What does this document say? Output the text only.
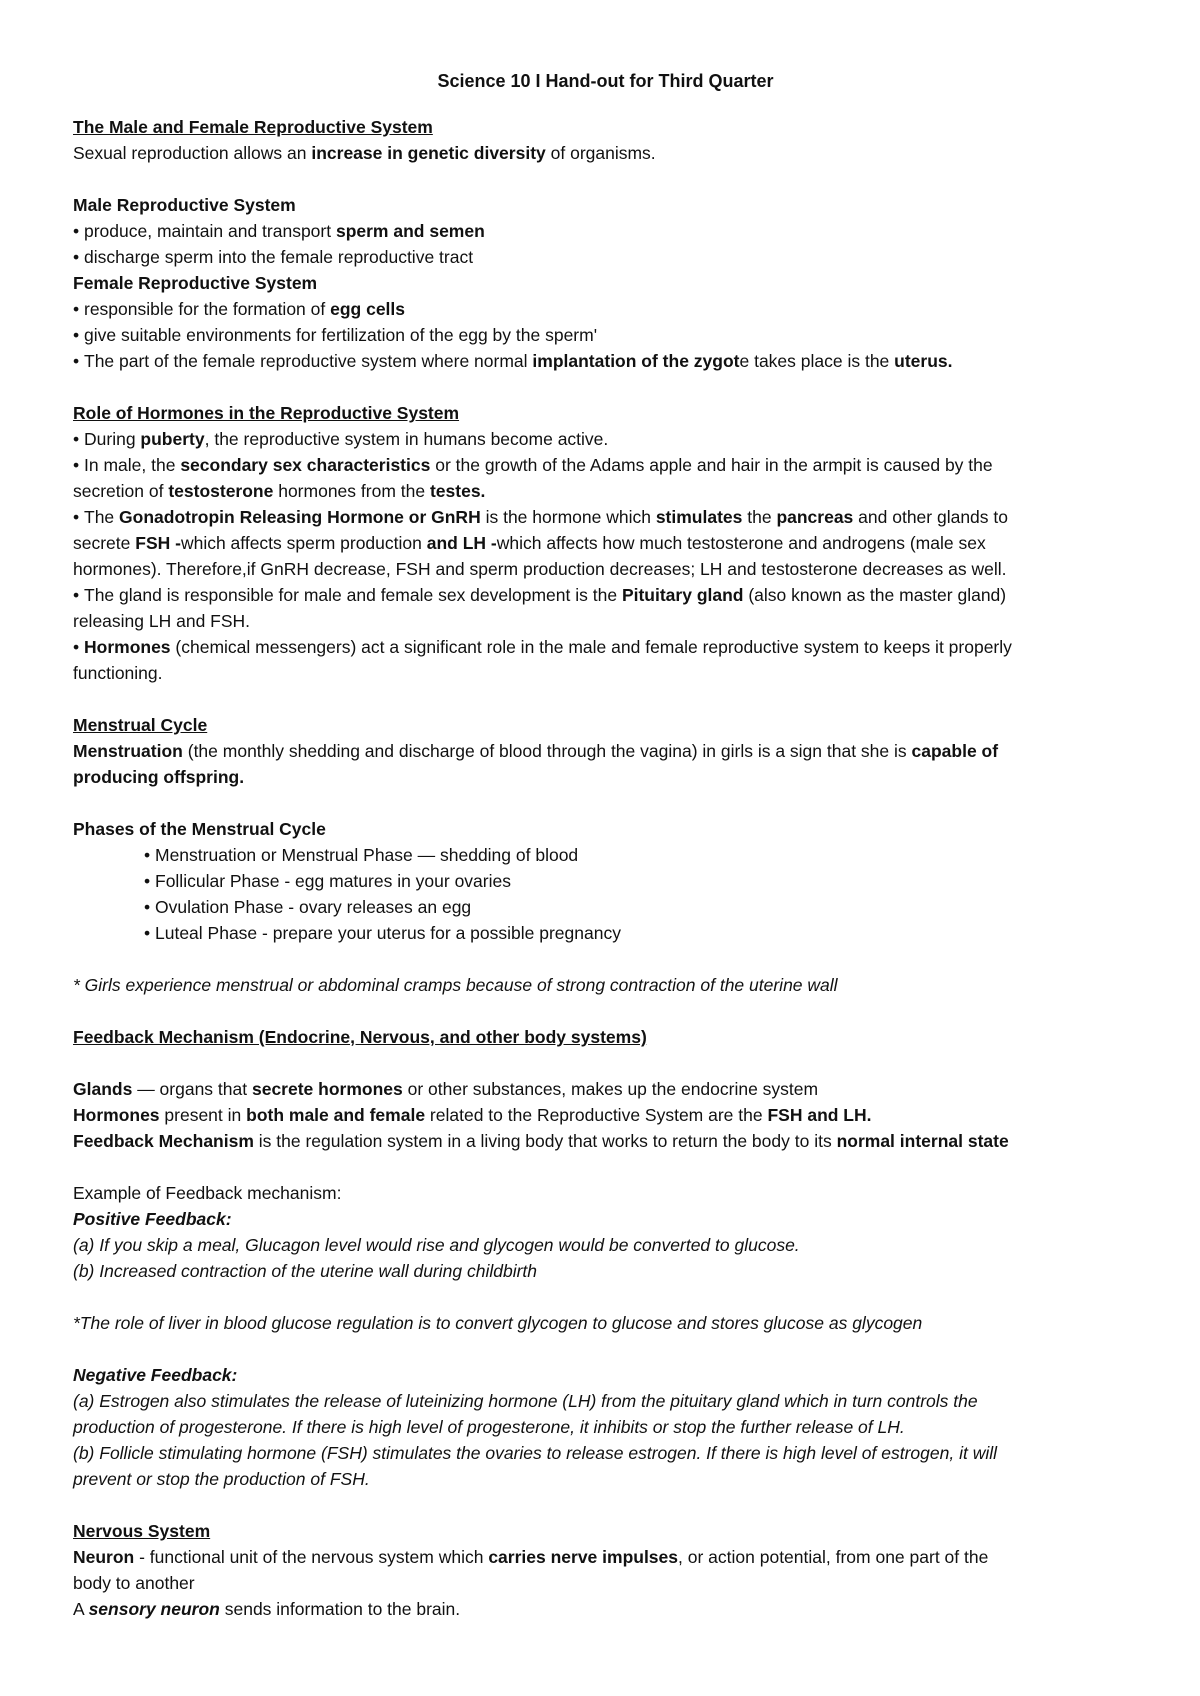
Science 10 I Hand-out for Third Quarter
The Male and Female Reproductive System
Sexual reproduction allows an increase in genetic diversity of organisms.
Male Reproductive System
• produce, maintain and transport sperm and semen
• discharge sperm into the female reproductive tract
Female Reproductive System
• responsible for the formation of egg cells
• give suitable environments for fertilization of the egg by the sperm'
• The part of the female reproductive system where normal implantation of the zygote takes place is the uterus.
Role of Hormones in the Reproductive System
• During puberty, the reproductive system in humans become active.
• In male, the secondary sex characteristics or the growth of the Adams apple and hair in the armpit is caused by the
secretion of testosterone hormones from the testes.
• The Gonadotropin Releasing Hormone or GnRH is the hormone which stimulates the pancreas and other glands to
secrete FSH -which affects sperm production and LH -which affects how much testosterone and androgens (male sex
hormones). Therefore,if GnRH decrease, FSH and sperm production decreases; LH and testosterone decreases as well.
• The gland is responsible for male and female sex development is the Pituitary gland (also known as the master gland)
releasing LH and FSH.
• Hormones (chemical messengers) act a significant role in the male and female reproductive system to keeps it properly
functioning.
Menstrual Cycle
Menstruation (the monthly shedding and discharge of blood through the vagina) in girls is a sign that she is capable of
producing offspring.
Phases of the Menstrual Cycle
• Menstruation or Menstrual Phase — shedding of blood
• Follicular Phase - egg matures in your ovaries
• Ovulation Phase - ovary releases an egg
• Luteal Phase - prepare your uterus for a possible pregnancy
* Girls experience menstrual or abdominal cramps because of strong contraction of the uterine wall
Feedback Mechanism (Endocrine, Nervous, and other body systems)
Glands — organs that secrete hormones or other substances, makes up the endocrine system
Hormones present in both male and female related to the Reproductive System are the FSH and LH.
Feedback Mechanism is the regulation system in a living body that works to return the body to its normal internal state
Example of Feedback mechanism:
Positive Feedback:
(a) If you skip a meal, Glucagon level would rise and glycogen would be converted to glucose.
(b) Increased contraction of the uterine wall during childbirth
*The role of liver in blood glucose regulation is to convert glycogen to glucose and stores glucose as glycogen
Negative Feedback:
(a) Estrogen also stimulates the release of luteinizing hormone (LH) from the pituitary gland which in turn controls the
production of progesterone. If there is high level of progesterone, it inhibits or stop the further release of LH.
(b) Follicle stimulating hormone (FSH) stimulates the ovaries to release estrogen. If there is high level of estrogen, it will
prevent or stop the production of FSH.
Nervous System
Neuron - functional unit of the nervous system which carries nerve impulses, or action potential, from one part of the
body to another
A sensory neuron sends information to the brain.
